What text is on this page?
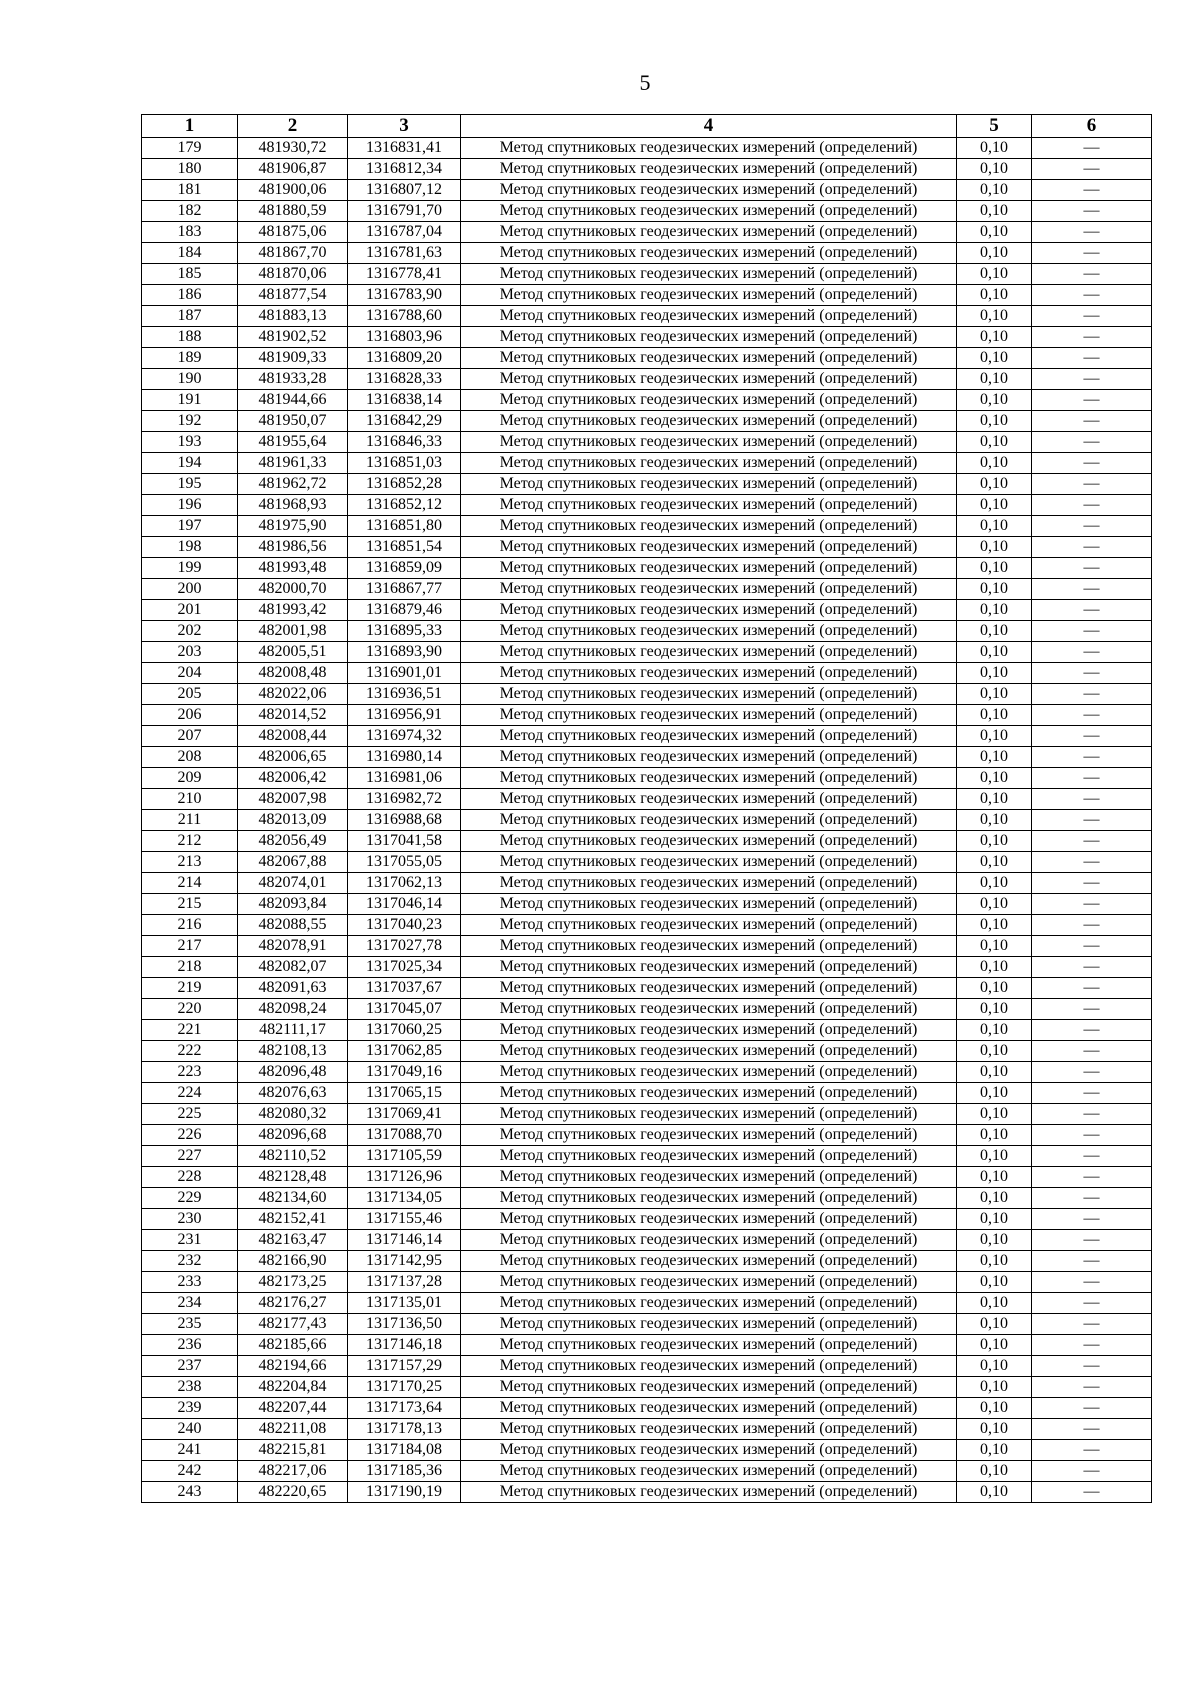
5
1	2	3	4	5	6
179	481930,72	1316831,41	Метод спутниковых геодезических измерений (определений)	0,10	—
180	481906,87	1316812,34	Метод спутниковых геодезических измерений (определений)	0,10	—
181	481900,06	1316807,12	Метод спутниковых геодезических измерений (определений)	0,10	—
182	481880,59	1316791,70	Метод спутниковых геодезических измерений (определений)	0,10	—
183	481875,06	1316787,04	Метод спутниковых геодезических измерений (определений)	0,10	—
184	481867,70	1316781,63	Метод спутниковых геодезических измерений (определений)	0,10	—
185	481870,06	1316778,41	Метод спутниковых геодезических измерений (определений)	0,10	—
186	481877,54	1316783,90	Метод спутниковых геодезических измерений (определений)	0,10	—
187	481883,13	1316788,60	Метод спутниковых геодезических измерений (определений)	0,10	—
188	481902,52	1316803,96	Метод спутниковых геодезических измерений (определений)	0,10	—
189	481909,33	1316809,20	Метод спутниковых геодезических измерений (определений)	0,10	—
190	481933,28	1316828,33	Метод спутниковых геодезических измерений (определений)	0,10	—
191	481944,66	1316838,14	Метод спутниковых геодезических измерений (определений)	0,10	—
192	481950,07	1316842,29	Метод спутниковых геодезических измерений (определений)	0,10	—
193	481955,64	1316846,33	Метод спутниковых геодезических измерений (определений)	0,10	—
194	481961,33	1316851,03	Метод спутниковых геодезических измерений (определений)	0,10	—
195	481962,72	1316852,28	Метод спутниковых геодезических измерений (определений)	0,10	—
196	481968,93	1316852,12	Метод спутниковых геодезических измерений (определений)	0,10	—
197	481975,90	1316851,80	Метод спутниковых геодезических измерений (определений)	0,10	—
198	481986,56	1316851,54	Метод спутниковых геодезических измерений (определений)	0,10	—
199	481993,48	1316859,09	Метод спутниковых геодезических измерений (определений)	0,10	—
200	482000,70	1316867,77	Метод спутниковых геодезических измерений (определений)	0,10	—
201	481993,42	1316879,46	Метод спутниковых геодезических измерений (определений)	0,10	—
202	482001,98	1316895,33	Метод спутниковых геодезических измерений (определений)	0,10	—
203	482005,51	1316893,90	Метод спутниковых геодезических измерений (определений)	0,10	—
204	482008,48	1316901,01	Метод спутниковых геодезических измерений (определений)	0,10	—
205	482022,06	1316936,51	Метод спутниковых геодезических измерений (определений)	0,10	—
206	482014,52	1316956,91	Метод спутниковых геодезических измерений (определений)	0,10	—
207	482008,44	1316974,32	Метод спутниковых геодезических измерений (определений)	0,10	—
208	482006,65	1316980,14	Метод спутниковых геодезических измерений (определений)	0,10	—
209	482006,42	1316981,06	Метод спутниковых геодезических измерений (определений)	0,10	—
210	482007,98	1316982,72	Метод спутниковых геодезических измерений (определений)	0,10	—
211	482013,09	1316988,68	Метод спутниковых геодезических измерений (определений)	0,10	—
212	482056,49	1317041,58	Метод спутниковых геодезических измерений (определений)	0,10	—
213	482067,88	1317055,05	Метод спутниковых геодезических измерений (определений)	0,10	—
214	482074,01	1317062,13	Метод спутниковых геодезических измерений (определений)	0,10	—
215	482093,84	1317046,14	Метод спутниковых геодезических измерений (определений)	0,10	—
216	482088,55	1317040,23	Метод спутниковых геодезических измерений (определений)	0,10	—
217	482078,91	1317027,78	Метод спутниковых геодезических измерений (определений)	0,10	—
218	482082,07	1317025,34	Метод спутниковых геодезических измерений (определений)	0,10	—
219	482091,63	1317037,67	Метод спутниковых геодезических измерений (определений)	0,10	—
220	482098,24	1317045,07	Метод спутниковых геодезических измерений (определений)	0,10	—
221	482111,17	1317060,25	Метод спутниковых геодезических измерений (определений)	0,10	—
222	482108,13	1317062,85	Метод спутниковых геодезических измерений (определений)	0,10	—
223	482096,48	1317049,16	Метод спутниковых геодезических измерений (определений)	0,10	—
224	482076,63	1317065,15	Метод спутниковых геодезических измерений (определений)	0,10	—
225	482080,32	1317069,41	Метод спутниковых геодезических измерений (определений)	0,10	—
226	482096,68	1317088,70	Метод спутниковых геодезических измерений (определений)	0,10	—
227	482110,52	1317105,59	Метод спутниковых геодезических измерений (определений)	0,10	—
228	482128,48	1317126,96	Метод спутниковых геодезических измерений (определений)	0,10	—
229	482134,60	1317134,05	Метод спутниковых геодезических измерений (определений)	0,10	—
230	482152,41	1317155,46	Метод спутниковых геодезических измерений (определений)	0,10	—
231	482163,47	1317146,14	Метод спутниковых геодезических измерений (определений)	0,10	—
232	482166,90	1317142,95	Метод спутниковых геодезических измерений (определений)	0,10	—
233	482173,25	1317137,28	Метод спутниковых геодезических измерений (определений)	0,10	—
234	482176,27	1317135,01	Метод спутниковых геодезических измерений (определений)	0,10	—
235	482177,43	1317136,50	Метод спутниковых геодезических измерений (определений)	0,10	—
236	482185,66	1317146,18	Метод спутниковых геодезических измерений (определений)	0,10	—
237	482194,66	1317157,29	Метод спутниковых геодезических измерений (определений)	0,10	—
238	482204,84	1317170,25	Метод спутниковых геодезических измерений (определений)	0,10	—
239	482207,44	1317173,64	Метод спутниковых геодезических измерений (определений)	0,10	—
240	482211,08	1317178,13	Метод спутниковых геодезических измерений (определений)	0,10	—
241	482215,81	1317184,08	Метод спутниковых геодезических измерений (определений)	0,10	—
242	482217,06	1317185,36	Метод спутниковых геодезических измерений (определений)	0,10	—
243	482220,65	1317190,19	Метод спутниковых геодезических измерений (определений)	0,10	—
